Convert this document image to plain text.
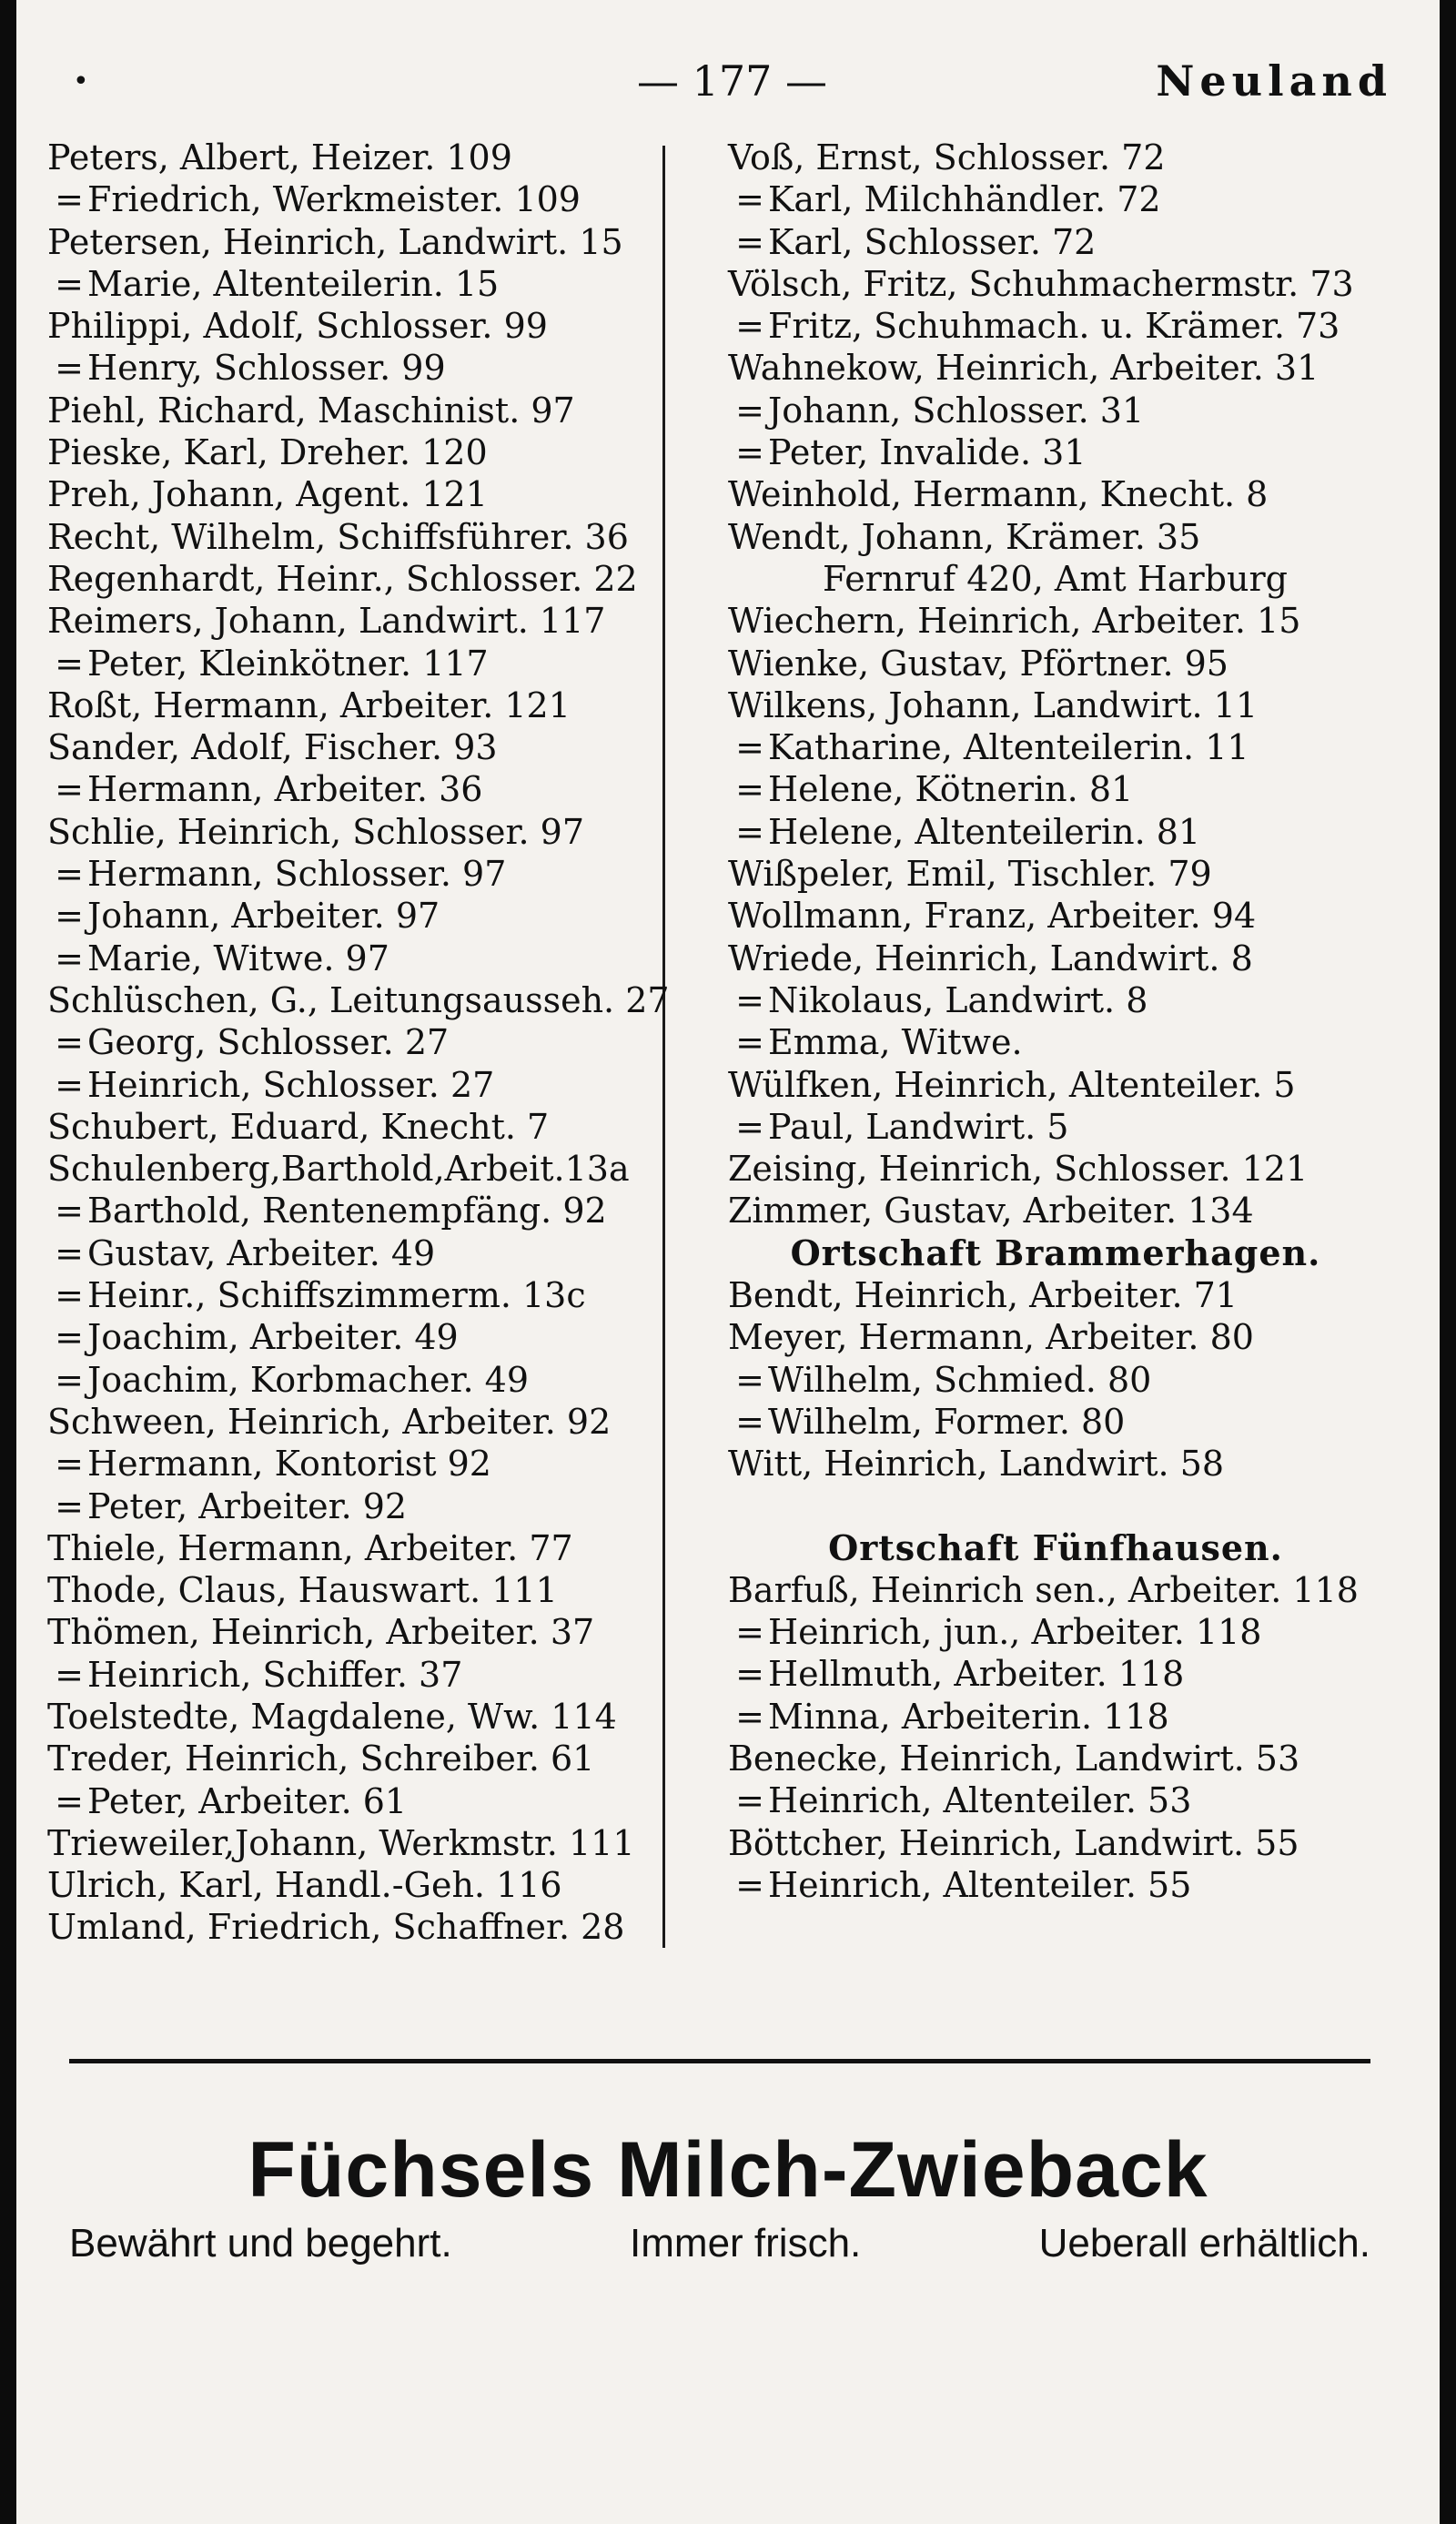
•	— 177 —	Neuland
Peters, Albert, Heizer. 109
= Friedrich, Werkmeister. 109
Petersen, Heinrich, Landwirt. 15
= Marie, Altenteilerin. 15
Philippi, Adolf, Schlosser. 99
= Henry, Schlosser. 99
Piehl, Richard, Maschinist. 97
Pieske, Karl, Dreher. 120
Preh, Johann, Agent. 121
Recht, Wilhelm, Schiffsführer. 36
Regenhardt, Heinr., Schlosser. 22
Reimers, Johann, Landwirt. 117
= Peter, Kleinkötner. 117
Roßt, Hermann, Arbeiter. 121
Sander, Adolf, Fischer. 93
= Hermann, Arbeiter. 36
Schlie, Heinrich, Schlosser. 97
= Hermann, Schlosser. 97
= Johann, Arbeiter. 97
= Marie, Witwe. 97
Schlüschen, G., Leitungsausseh. 27
= Georg, Schlosser. 27
= Heinrich, Schlosser. 27
Schubert, Eduard, Knecht. 7
Schulenberg,Barthold,Arbeit.13a
= Barthold, Rentenempfäng. 92
= Gustav, Arbeiter. 49
= Heinr., Schiffszimmerm. 13c
= Joachim, Arbeiter. 49
= Joachim, Korbmacher. 49
Schween, Heinrich, Arbeiter. 92
= Hermann, Kontorist 92
= Peter, Arbeiter. 92
Thiele, Hermann, Arbeiter. 77
Thode, Claus, Hauswart. 111
Thömen, Heinrich, Arbeiter. 37
= Heinrich, Schiffer. 37
Toelstedte, Magdalene, Ww. 114
Treder, Heinrich, Schreiber. 61
= Peter, Arbeiter. 61
Trieweiler,Johann, Werkmstr. 111
Ulrich, Karl, Handl.-Geh. 116
Umland, Friedrich, Schaffner. 28
Voß, Ernst, Schlosser. 72
= Karl, Milchhändler. 72
= Karl, Schlosser. 72
Völsch, Fritz, Schuhmachermstr. 73
= Fritz, Schuhmach. u. Krämer. 73
Wahnekow, Heinrich, Arbeiter. 31
= Johann, Schlosser. 31
= Peter, Invalide. 31
Weinhold, Hermann, Knecht. 8
Wendt, Johann, Krämer. 35
Fernruf 420, Amt Harburg
Wiechern, Heinrich, Arbeiter. 15
Wienke, Gustav, Pförtner. 95
Wilkens, Johann, Landwirt. 11
= Katharine, Altenteilerin. 11
= Helene, Kötnerin. 81
= Helene, Altenteilerin. 81
Wißpeler, Emil, Tischler. 79
Wollmann, Franz, Arbeiter. 94
Wriede, Heinrich, Landwirt. 8
= Nikolaus, Landwirt. 8
= Emma, Witwe.
Wülfken, Heinrich, Altenteiler. 5
= Paul, Landwirt. 5
Zeising, Heinrich, Schlosser. 121
Zimmer, Gustav, Arbeiter. 134
Ortschaft Brammerhagen.
Bendt, Heinrich, Arbeiter. 71
Meyer, Hermann, Arbeiter. 80
= Wilhelm, Schmied. 80
= Wilhelm, Former. 80
Witt, Heinrich, Landwirt. 58
Ortschaft Fünfhausen.
Barfuß, Heinrich sen., Arbeiter. 118
= Heinrich, jun., Arbeiter. 118
= Hellmuth, Arbeiter. 118
= Minna, Arbeiterin. 118
Benecke, Heinrich, Landwirt. 53
= Heinrich, Altenteiler. 53
Böttcher, Heinrich, Landwirt. 55
= Heinrich, Altenteiler. 55
Füchsels Milch-Zwieback
Bewährt und begehrt.	Immer frisch.	Ueberall erhältlich.
